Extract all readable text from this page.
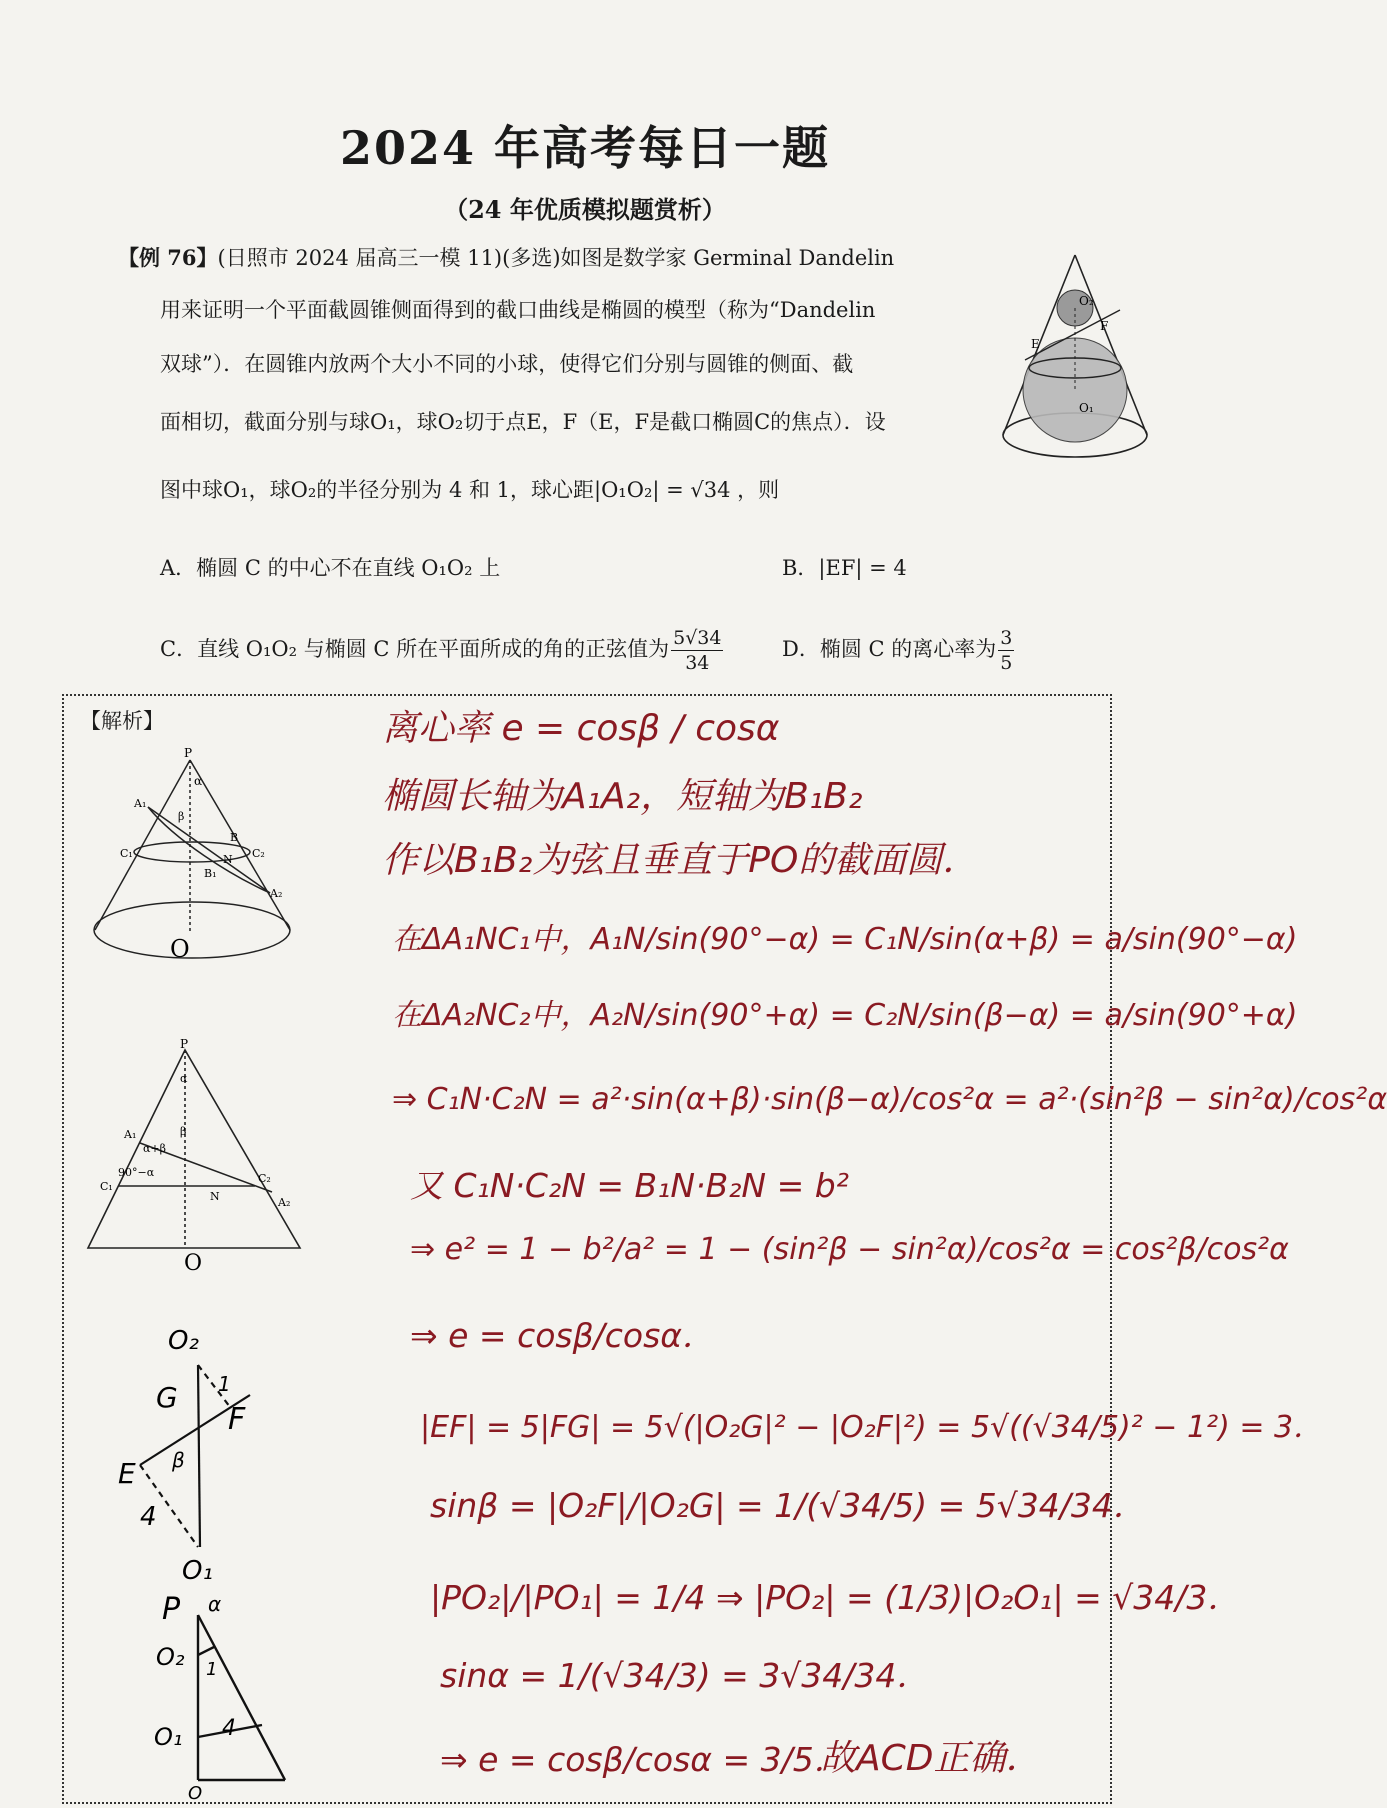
2024 年高考每日一题
（24 年优质模拟题赏析）
【例 76】(日照市 2024 届高三一模 11)(多选)如图是数学家 Germinal Dandelin
用来证明一个平面截圆锥侧面得到的截口曲线是椭圆的模型（称为“Dandelin
双球”）．在圆锥内放两个大小不同的小球，使得它们分别与圆锥的侧面、截
面相切，截面分别与球O₁，球O₂切于点E，F（E，F是截口椭圆C的焦点）．设
图中球O₁，球O₂的半径分别为 4 和 1，球心距|O₁O₂| = √34 ，则
O₂
F
E
O₁
A．椭圆 C 的中心不在直线 O₁O₂ 上	B．|EF| = 4
C．直线 O₁O₂ 与椭圆 C 所在平面所成的角的正弦值为 $\frac{5√34}{34}$	D．椭圆 C 的离心率为 $\frac{3}{5}$
【解析】
P
α
A₁
β
B
C₁	C₂
N
B₁
A₂
O
P
α
A₁
α+β
β
C₁
90°−α
N
C₂
A₂
O
O₂
G 1
F
E β
4
O₁
P α
O₂ 1
O₁ 4
O
离心率 e = cosβ / cosα
椭圆长轴为A₁A₂，短轴为B₁B₂
作以B₁B₂为弦且垂直于PO的截面圆．
在ΔA₁NC₁中，A₁N/sin(90°−α) = C₁N/sin(α+β) = a/sin(90°−α)
在ΔA₂NC₂中，A₂N/sin(90°+α) = C₂N/sin(β−α) = a/sin(90°+α)
⇒ C₁N·C₂N = a²·sin(α+β)·sin(β−α)/cos²α = a²·(sin²β − sin²α)/cos²α
又 C₁N·C₂N = B₁N·B₂N = b²
⇒ e² = 1 − b²/a² = 1 − (sin²β − sin²α)/cos²α = cos²β/cos²α
⇒ e = cosβ/cosα．
|EF| = 5|FG| = 5√(|O₂G|² − |O₂F|²) = 5√((√34/5)² − 1²) = 3．
sinβ = |O₂F|/|O₂G| = 1/(√34/5) = 5√34/34．
|PO₂|/|PO₁| = 1/4 ⇒ |PO₂| = (1/3)|O₂O₁| = √34/3．
sinα = 1/(√34/3) = 3√34/34．
⇒ e = cosβ/cosα = 3/5．
故ACD正确．
